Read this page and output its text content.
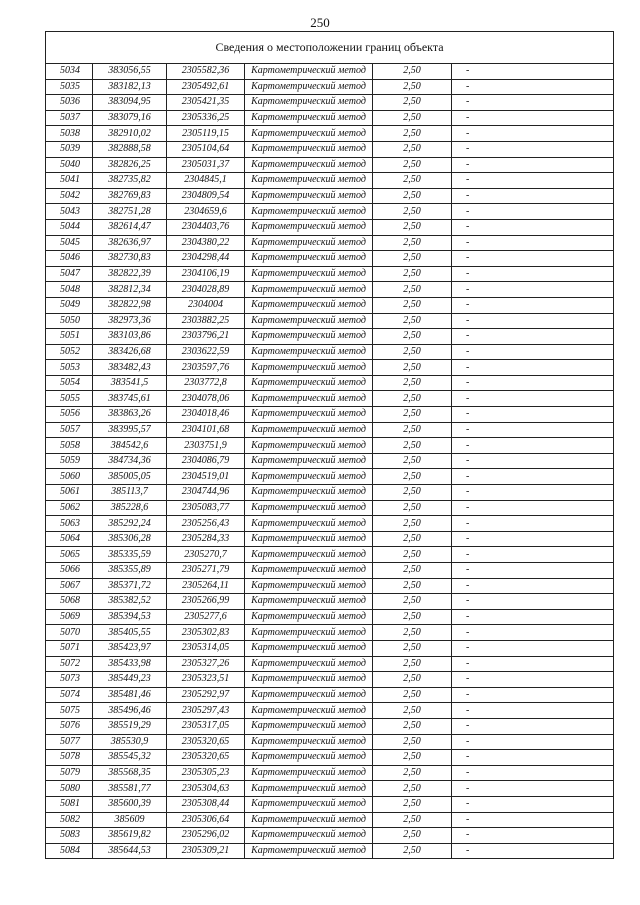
250
Сведения о местоположении границ объекта					
5034	383056,55	2305582,36	Картометрический метод	2,50	-
5035	383182,13	2305492,61	Картометрический метод	2,50	-
5036	383094,95	2305421,35	Картометрический метод	2,50	-
5037	383079,16	2305336,25	Картометрический метод	2,50	-
5038	382910,02	2305119,15	Картометрический метод	2,50	-
5039	382888,58	2305104,64	Картометрический метод	2,50	-
5040	382826,25	2305031,37	Картометрический метод	2,50	-
5041	382735,82	2304845,1	Картометрический метод	2,50	-
5042	382769,83	2304809,54	Картометрический метод	2,50	-
5043	382751,28	2304659,6	Картометрический метод	2,50	-
5044	382614,47	2304403,76	Картометрический метод	2,50	-
5045	382636,97	2304380,22	Картометрический метод	2,50	-
5046	382730,83	2304298,44	Картометрический метод	2,50	-
5047	382822,39	2304106,19	Картометрический метод	2,50	-
5048	382812,34	2304028,89	Картометрический метод	2,50	-
5049	382822,98	2304004	Картометрический метод	2,50	-
5050	382973,36	2303882,25	Картометрический метод	2,50	-
5051	383103,86	2303796,21	Картометрический метод	2,50	-
5052	383426,68	2303622,59	Картометрический метод	2,50	-
5053	383482,43	2303597,76	Картометрический метод	2,50	-
5054	383541,5	2303772,8	Картометрический метод	2,50	-
5055	383745,61	2304078,06	Картометрический метод	2,50	-
5056	383863,26	2304018,46	Картометрический метод	2,50	-
5057	383995,57	2304101,68	Картометрический метод	2,50	-
5058	384542,6	2303751,9	Картометрический метод	2,50	-
5059	384734,36	2304086,79	Картометрический метод	2,50	-
5060	385005,05	2304519,01	Картометрический метод	2,50	-
5061	385113,7	2304744,96	Картометрический метод	2,50	-
5062	385228,6	2305083,77	Картометрический метод	2,50	-
5063	385292,24	2305256,43	Картометрический метод	2,50	-
5064	385306,28	2305284,33	Картометрический метод	2,50	-
5065	385335,59	2305270,7	Картометрический метод	2,50	-
5066	385355,89	2305271,79	Картометрический метод	2,50	-
5067	385371,72	2305264,11	Картометрический метод	2,50	-
5068	385382,52	2305266,99	Картометрический метод	2,50	-
5069	385394,53	2305277,6	Картометрический метод	2,50	-
5070	385405,55	2305302,83	Картометрический метод	2,50	-
5071	385423,97	2305314,05	Картометрический метод	2,50	-
5072	385433,98	2305327,26	Картометрический метод	2,50	-
5073	385449,23	2305323,51	Картометрический метод	2,50	-
5074	385481,46	2305292,97	Картометрический метод	2,50	-
5075	385496,46	2305297,43	Картометрический метод	2,50	-
5076	385519,29	2305317,05	Картометрический метод	2,50	-
5077	385530,9	2305320,65	Картометрический метод	2,50	-
5078	385545,32	2305320,65	Картометрический метод	2,50	-
5079	385568,35	2305305,23	Картометрический метод	2,50	-
5080	385581,77	2305304,63	Картометрический метод	2,50	-
5081	385600,39	2305308,44	Картометрический метод	2,50	-
5082	385609	2305306,64	Картометрический метод	2,50	-
5083	385619,82	2305296,02	Картометрический метод	2,50	-
5084	385644,53	2305309,21	Картометрический метод	2,50	-
